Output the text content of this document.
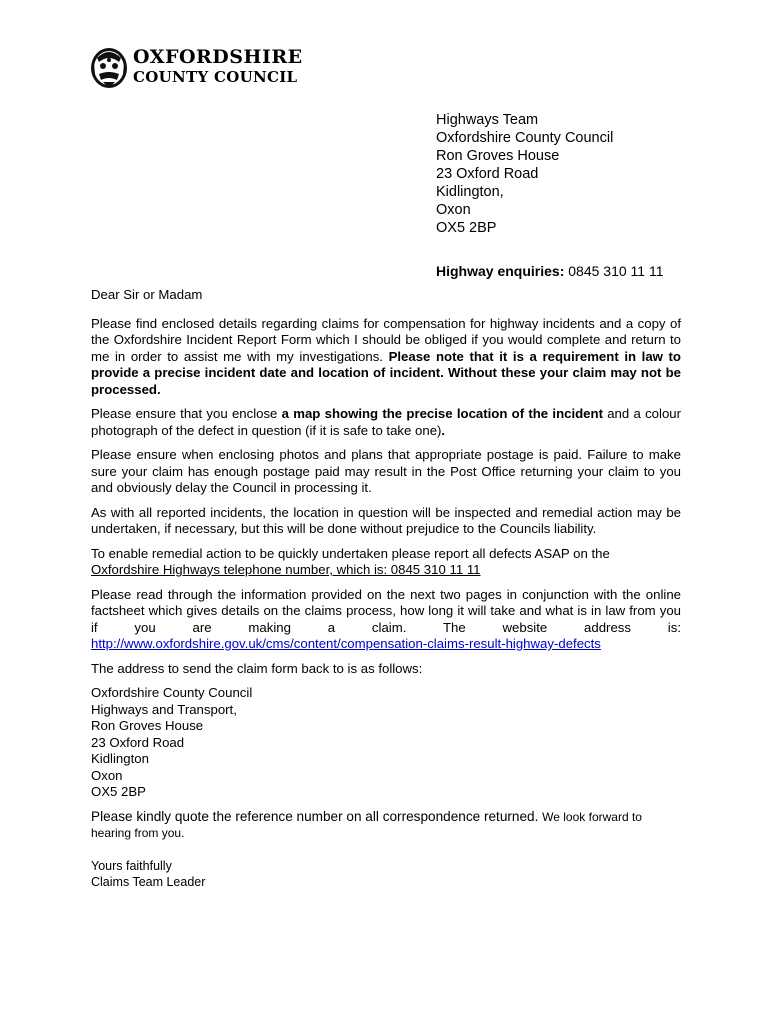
OXFORDSHIRE
COUNTY COUNCIL
Highways Team
Oxfordshire County Council
Ron Groves House
23 Oxford Road
Kidlington,
Oxon
OX5 2BP
Highway enquiries: 0845 310 11 11

Dear Sir or Madam

Please find enclosed details regarding claims for compensation for highway incidents and a copy of the Oxfordshire Incident Report Form which I should be obliged if you would complete and return to me in order to assist me with my investigations. Please note that it is a requirement in law to provide a precise incident date and location of incident. Without these your claim may not be processed.

Please ensure that you enclose a map showing the precise location of the incident and a colour photograph of the defect in question (if it is safe to take one).

Please ensure when enclosing photos and plans that appropriate postage is paid. Failure to make sure your claim has enough postage paid may result in the Post Office returning your claim to you and obviously delay the Council in processing it.

As with all reported incidents, the location in question will be inspected and remedial action may be undertaken, if necessary, but this will be done without prejudice to the Councils liability.

To enable remedial action to be quickly undertaken please report all defects ASAP on the
Oxfordshire Highways telephone number, which is: 0845 310 11 11

Please read through the information provided on the next two pages in conjunction with the online factsheet which gives details on the claims process, how long it will take and what is in law from you if you are making a claim. The website address is: http://www.oxfordshire.gov.uk/cms/content/compensation-claims-result-highway-defects

The address to send the claim form back to is as follows:

Oxfordshire County Council
Highways and Transport,
Ron Groves House
23 Oxford Road
Kidlington
Oxon
OX5 2BP

Please kindly quote the reference number on all correspondence returned. We look forward to hearing from you.

Yours faithfully
Claims Team Leader
